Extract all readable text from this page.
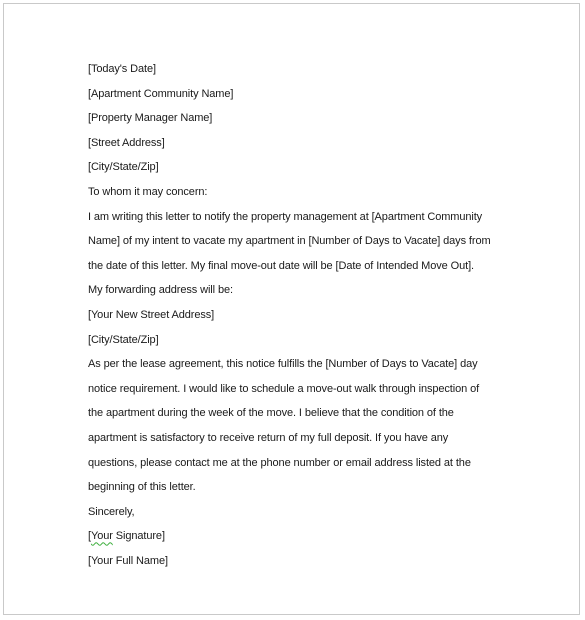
[Today's Date]
[Apartment Community Name]
[Property Manager Name]
[Street Address]
[City/State/Zip]
To whom it may concern:
I am writing this letter to notify the property management at [Apartment Community
Name] of my intent to vacate my apartment in [Number of Days to Vacate] days from
the date of this letter. My final move-out date will be [Date of Intended Move Out].
My forwarding address will be:
[Your New Street Address]
[City/State/Zip]
As per the lease agreement, this notice fulfills the [Number of Days to Vacate] day
notice requirement. I would like to schedule a move-out walk through inspection of
the apartment during the week of the move. I believe that the condition of the
apartment is satisfactory to receive return of my full deposit. If you have any
questions, please contact me at the phone number or email address listed at the
beginning of this letter.
Sincerely,
[Your Signature]
[Your Full Name]
